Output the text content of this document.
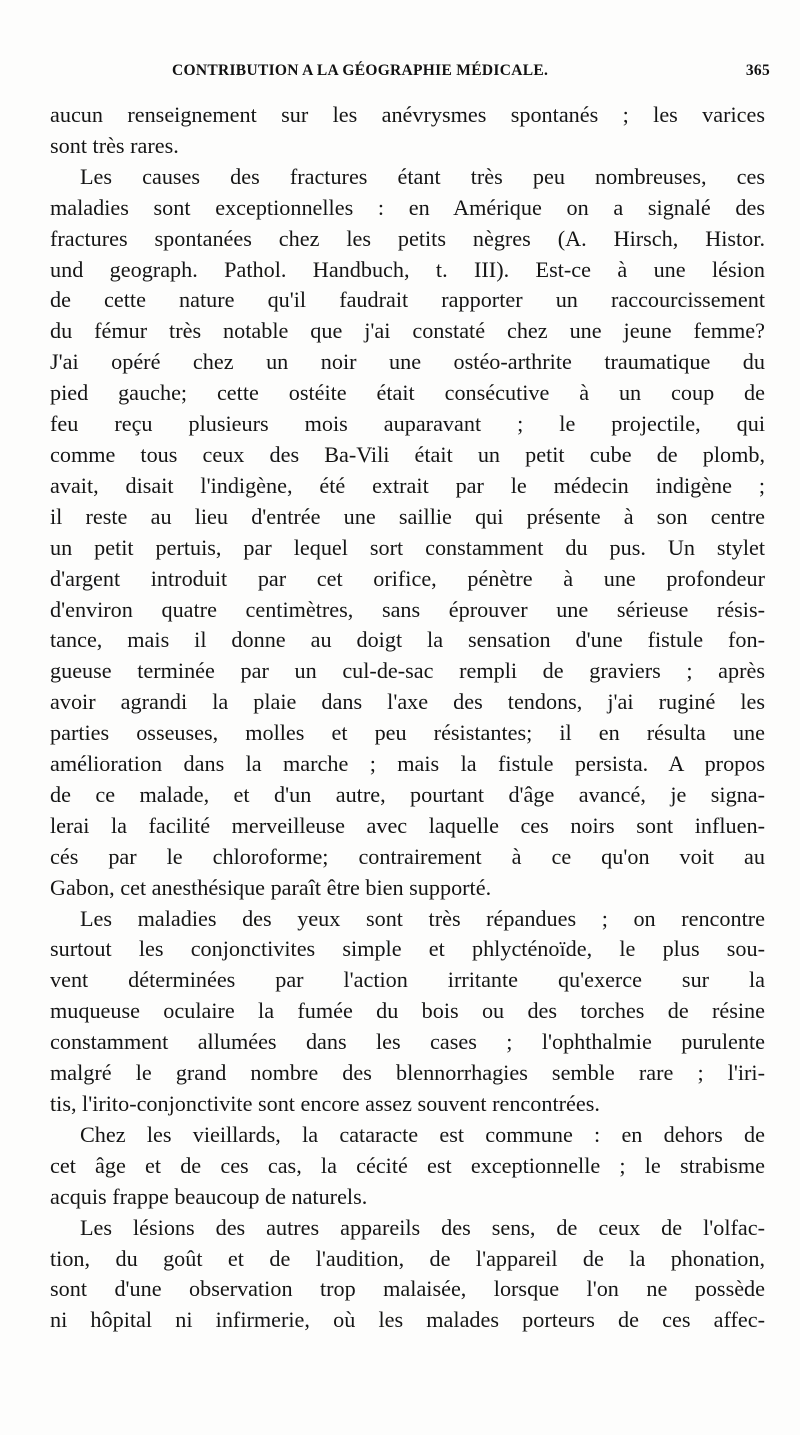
CONTRIBUTION A LA GÉOGRAPHIE MÉDICALE.	365

aucun renseignement sur les anévrysmes spontanés ; les varices
sont très rares.

Les causes des fractures étant très peu nombreuses, ces
maladies sont exceptionnelles : en Amérique on a signalé des
fractures spontanées chez les petits nègres (A. Hirsch, Histor.
und geograph. Pathol. Handbuch, t. III). Est-ce à une lésion
de cette nature qu'il faudrait rapporter un raccourcissement
du fémur très notable que j'ai constaté chez une jeune femme?
J'ai opéré chez un noir une ostéo-arthrite traumatique du
pied gauche; cette ostéite était consécutive à un coup de
feu reçu plusieurs mois auparavant ; le projectile, qui
comme tous ceux des Ba-Vili était un petit cube de plomb,
avait, disait l'indigène, été extrait par le médecin indigène ;
il reste au lieu d'entrée une saillie qui présente à son centre
un petit pertuis, par lequel sort constamment du pus. Un stylet
d'argent introduit par cet orifice, pénètre à une profondeur
d'environ quatre centimètres, sans éprouver une sérieuse résis-
tance, mais il donne au doigt la sensation d'une fistule fon-
gueuse terminée par un cul-de-sac rempli de graviers ; après
avoir agrandi la plaie dans l'axe des tendons, j'ai ruginé les
parties osseuses, molles et peu résistantes; il en résulta une
amélioration dans la marche ; mais la fistule persista. A propos
de ce malade, et d'un autre, pourtant d'âge avancé, je signa-
lerai la facilité merveilleuse avec laquelle ces noirs sont influen-
cés par le chloroforme; contrairement à ce qu'on voit au
Gabon, cet anesthésique paraît être bien supporté.

Les maladies des yeux sont très répandues ; on rencontre
surtout les conjonctivites simple et phlycténoïde, le plus sou-
vent déterminées par l'action irritante qu'exerce sur la
muqueuse oculaire la fumée du bois ou des torches de résine
constamment allumées dans les cases ; l'ophthalmie purulente
malgré le grand nombre des blennorrhagies semble rare ; l'iri-
tis, l'irito-conjonctivite sont encore assez souvent rencontrées.

Chez les vieillards, la cataracte est commune : en dehors de
cet âge et de ces cas, la cécité est exceptionnelle ; le strabisme
acquis frappe beaucoup de naturels.

Les lésions des autres appareils des sens, de ceux de l'olfac-
tion, du goût et de l'audition, de l'appareil de la phonation,
sont d'une observation trop malaisée, lorsque l'on ne possède
ni hôpital ni infirmerie, où les malades porteurs de ces affec-
